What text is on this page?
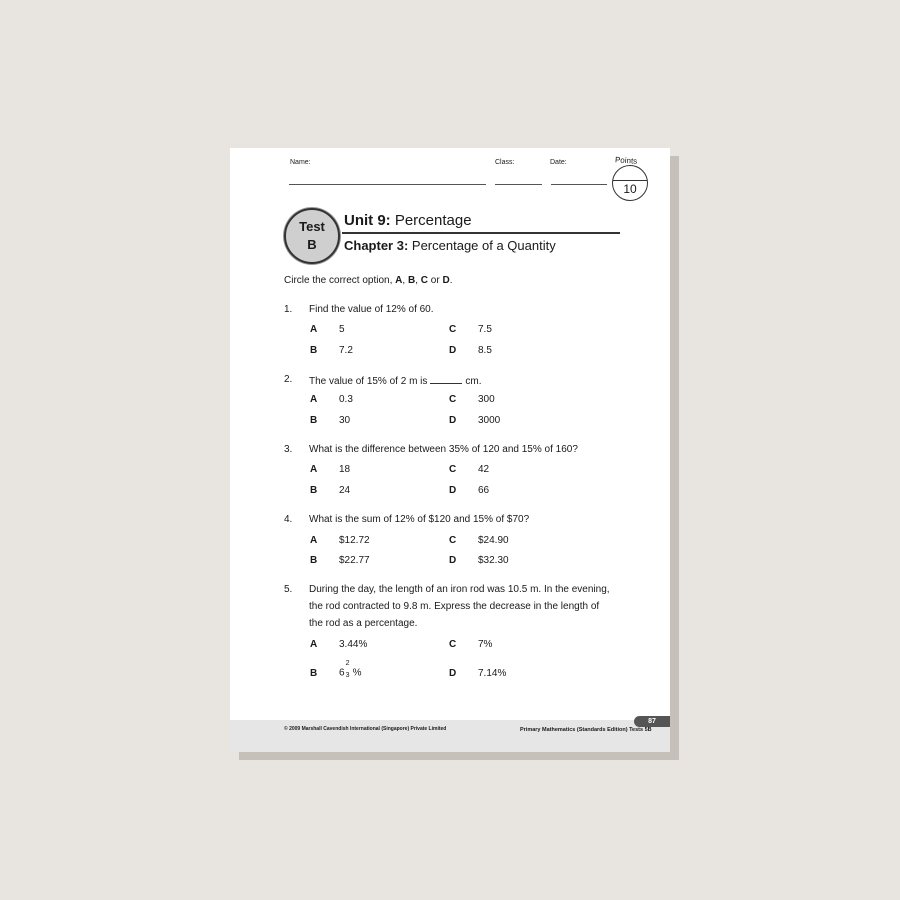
Name:	Class:	Date:	Points
10
Test
B
Unit 9: Percentage
Chapter 3: Percentage of a Quantity
Circle the correct option, A, B, C or D.
1. Find the value of 12% of 60.
A 5	C 7.5
B 7.2	D 8.5
2. The value of 15% of 2 m is	cm.
A 0.3	C 300
B 30	D 3000
3. What is the difference between 35% of 120 and 15% of 160?
A 18	C 42
B 24	D 66
4. What is the sum of 12% of $120 and 15% of $70?
A $12.72	C $24.90
B $22.77	D $32.30
5. During the day, the length of an iron rod was 10.5 m. In the evening,
the rod contracted to 9.8 m. Express the decrease in the length of
the rod as a percentage.
A 3.44%	C 7%
B 6
2
3 %	D 7.14%
© 2009 Marshall Cavendish International (Singapore) Private Limited	Primary Mathematics (Standards Edition) Tests 5B
87
